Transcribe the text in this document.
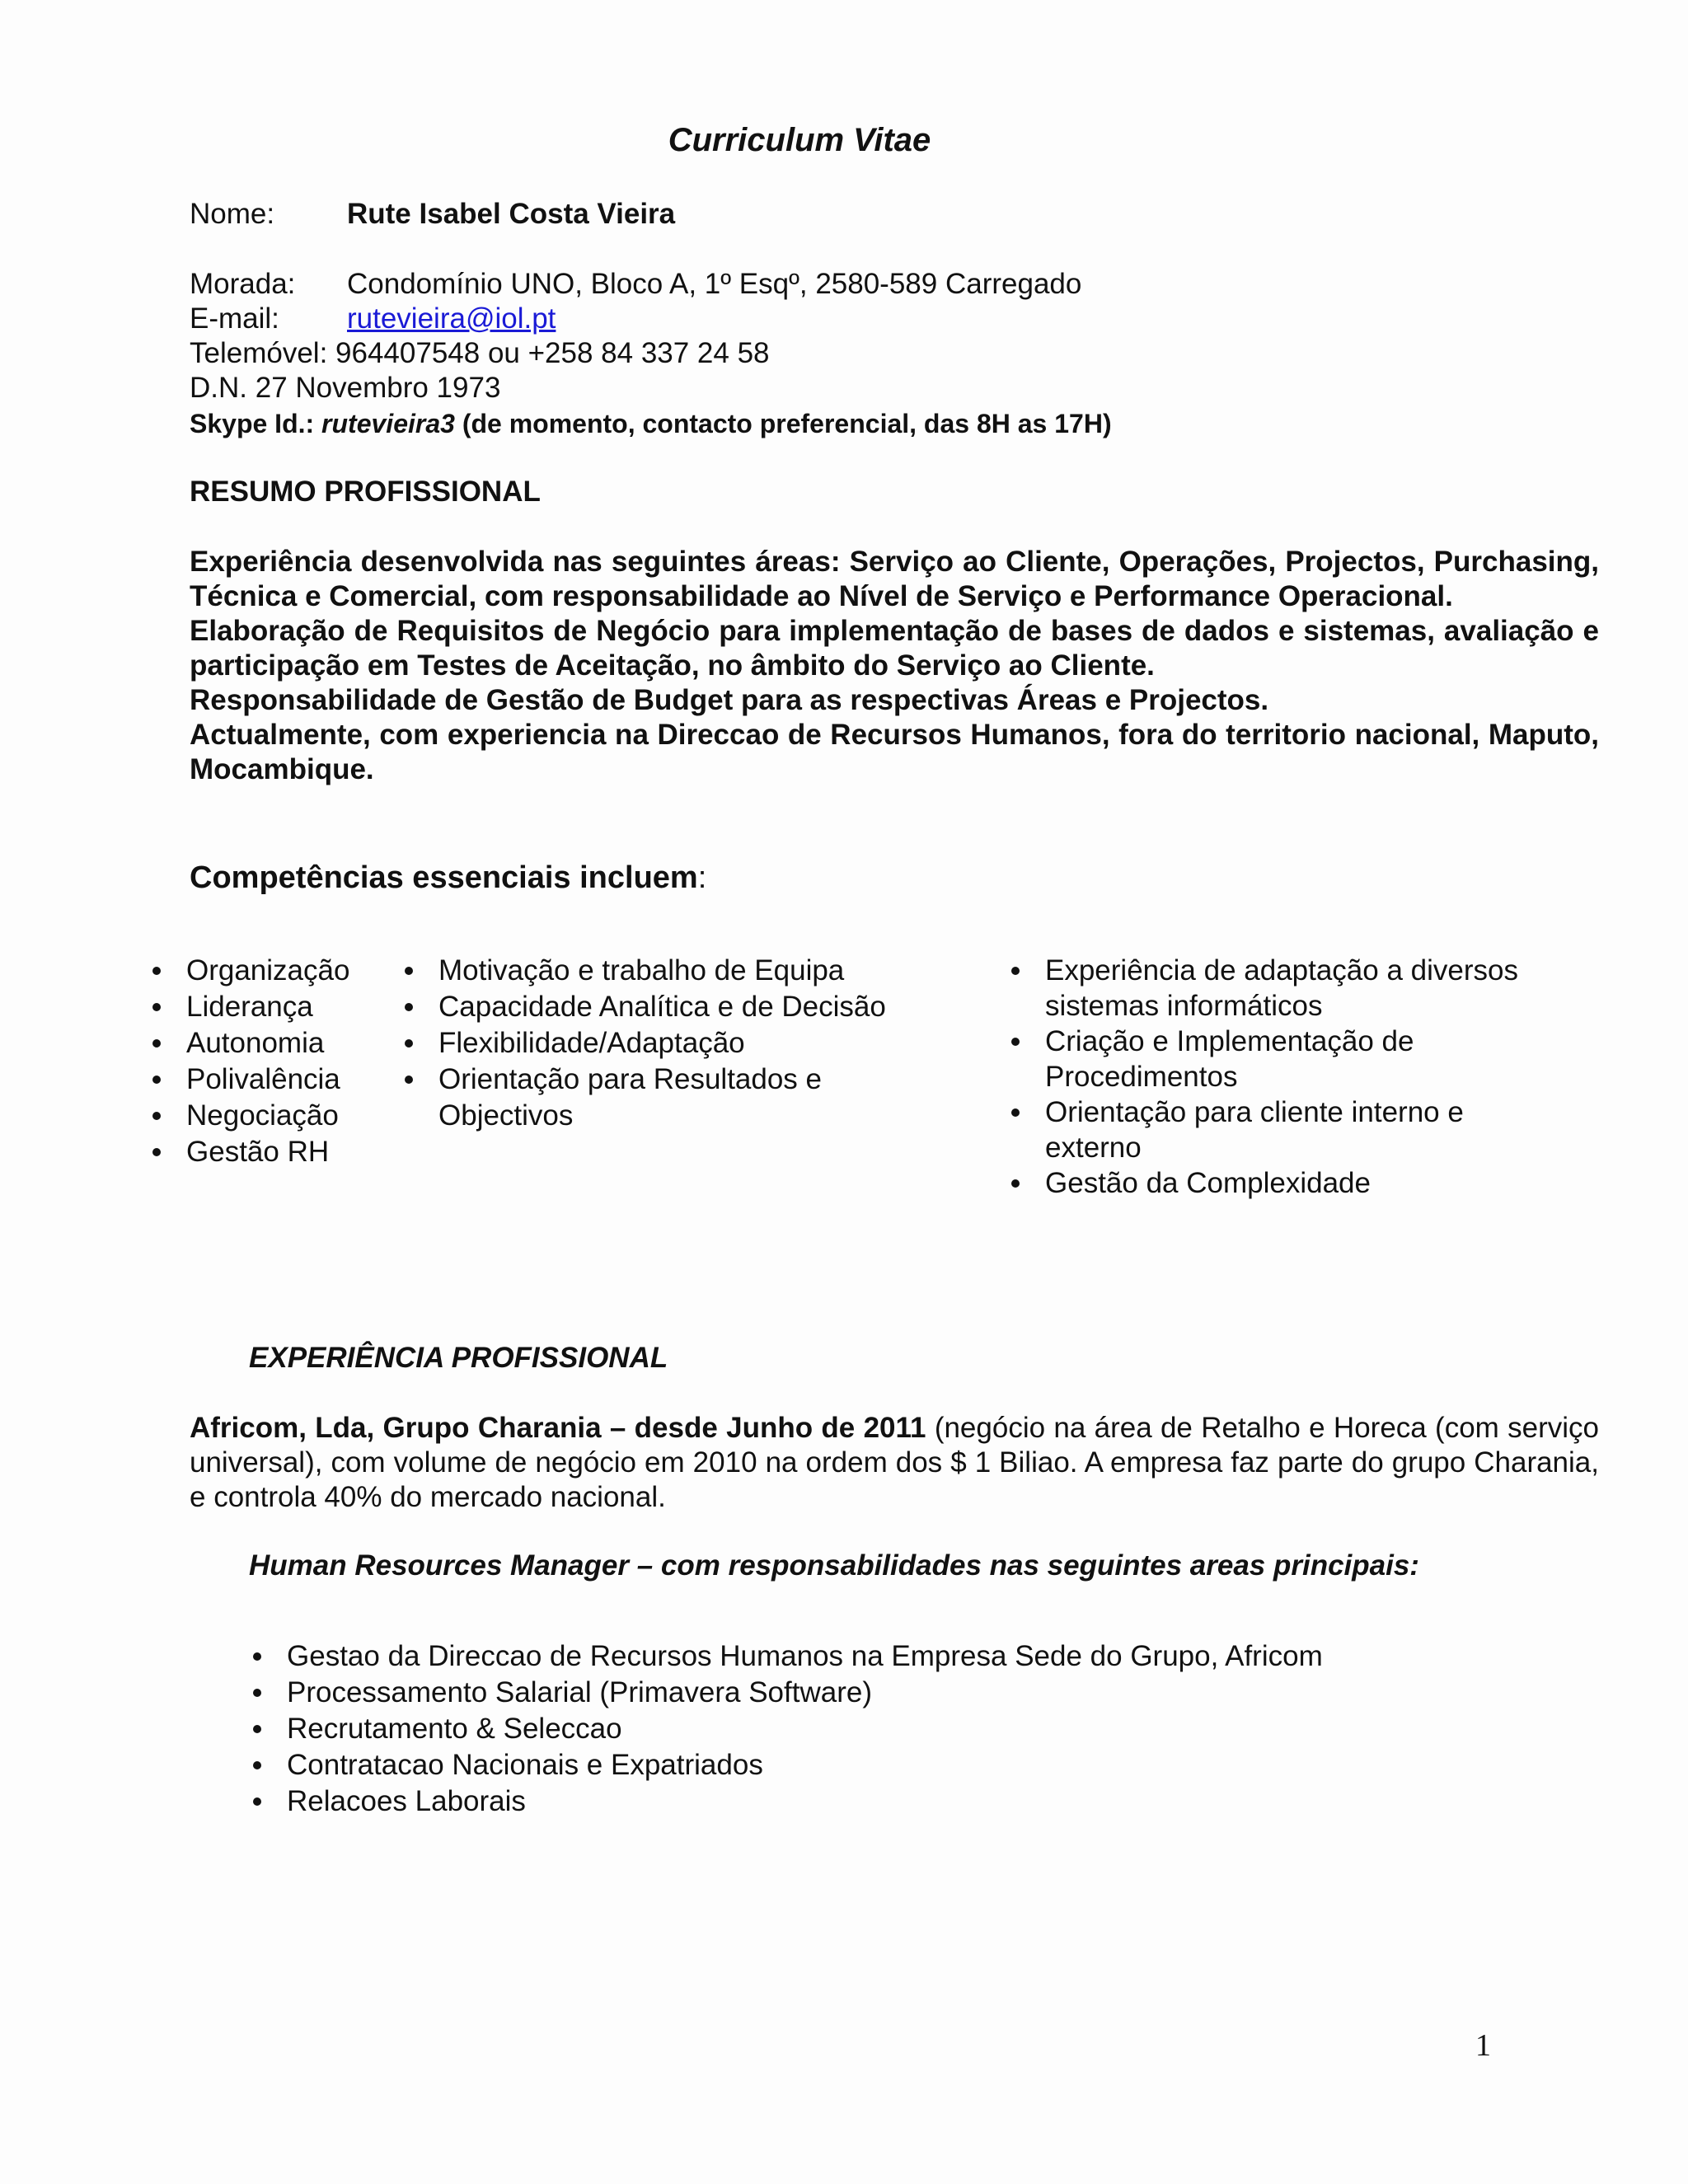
Curriculum Vitae
Nome:	Rute Isabel Costa Vieira
Morada: Condomínio UNO, Bloco A, 1º Esqº, 2580-589 Carregado
E-mail: rutevieira@iol.pt
Telemóvel: 964407548 ou +258 84 337 24 58
D.N. 27 Novembro 1973
Skype Id.: rutevieira3 (de momento, contacto preferencial, das 8H as 17H)
RESUMO PROFISSIONAL

Experiência desenvolvida nas seguintes áreas: Serviço ao Cliente, Operações, Projectos, Purchasing, Técnica e Comercial, com responsabilidade ao Nível de Serviço e Performance Operacional.

Elaboração de Requisitos de Negócio para implementação de bases de dados e sistemas, avaliação e participação em Testes de Aceitação, no âmbito do Serviço ao Cliente.

Responsabilidade de Gestão de Budget para as respectivas Áreas e Projectos.

Actualmente, com experiencia na Direccao de Recursos Humanos, fora do territorio nacional, Maputo, Mocambique.

Competências essenciais incluem:
Organização
Liderança
Autonomia
Polivalência
Negociação
Gestão RH
Motivação e trabalho de Equipa
Capacidade Analítica e de Decisão
Flexibilidade/Adaptação
Orientação para Resultados e Objectivos
Experiência de adaptação a diversos sistemas informáticos
Criação e Implementação de Procedimentos
Orientação para cliente interno e externo
Gestão da Complexidade
EXPERIÊNCIA PROFISSIONAL
Africom, Lda, Grupo Charania – desde Junho de 2011 (negócio na área de Retalho e Horeca (com serviço universal), com volume de negócio em 2010 na ordem dos $ 1 Biliao. A empresa faz parte do grupo Charania, e controla 40% do mercado nacional.
Human Resources Manager – com responsabilidades nas seguintes areas principais:
Gestao da Direccao de Recursos Humanos na Empresa Sede do Grupo, Africom
Processamento Salarial (Primavera Software)
Recrutamento & Seleccao
Contratacao Nacionais e Expatriados
Relacoes Laborais
1
